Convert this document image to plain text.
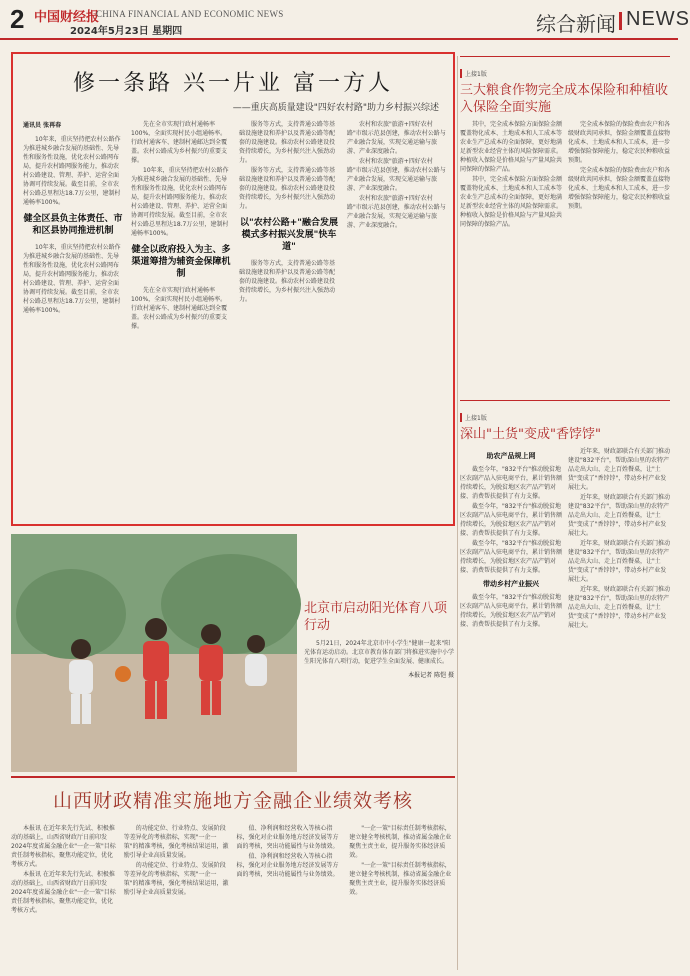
2 中国财经报
CHINA FINANCIAL AND ECONOMIC NEWS
2024年5月23日 星期四	综合新闻 NEWS
修一条路 兴一片业 富一方人
——重庆高质量建设"四好农村路"助力乡村振兴综述
通讯员 张再春

10年来，重庆坚持把农村公路作为推进城乡融合发展的基础性、先导性和服务性设施，优化农村公路网布局，提升农村路网服务能力，推动农村公路建设、管理、养护、运营全面协调可持续发展。截至目前，全市农村公路总里程达18.7万公里，建制村通畅率100%。

健全区县负主体责任、市和区县协同推进机制

10年来，重庆坚持把农村公路作为推进城乡融合发展的基础性、先导性和服务性设施，优化农村公路网布局，提升农村路网服务能力，推动农村公路建设、管理、养护、运营全面协调可持续发展。截至目前，全市农村公路总里程达18.7万公里，建制村通畅率100%。

先在全市实现行政村通畅率100%，全面实现村民小组通畅率。行政村通客车、建制村通邮达到全覆盖。农村公路成为乡村振兴的重要支撑。

10年来，重庆坚持把农村公路作为推进城乡融合发展的基础性、先导性和服务性设施，优化农村公路网布局，提升农村路网服务能力，推动农村公路建设、管理、养护、运营全面协调可持续发展。截至目前，全市农村公路总里程达18.7万公里，建制村通畅率100%。

健全以政府投入为主、多渠道筹措为辅资金保障机制

先在全市实现行政村通畅率100%，全面实现村民小组通畅率。行政村通客车、建制村通邮达到全覆盖。农村公路成为乡村振兴的重要支撑。

服务等方式，支持普通公路等基础设施建设和养护以及普通公路等配套的设施建设。推动农村公路建设投资持续增长，为乡村振兴注入强劲动力。

服务等方式，支持普通公路等基础设施建设和养护以及普通公路等配套的设施建设。推动农村公路建设投资持续增长，为乡村振兴注入强劲动力。

以"农村公路+"融合发展模式多村振兴发展"快车道"

服务等方式，支持普通公路等基础设施建设和养护以及普通公路等配套的设施建设。推动农村公路建设投资持续增长，为乡村振兴注入强劲动力。

农村和农旅"旅游+四好农村路"市级示范县创建，推动农村公路与产业融合发展，实现交通运输与旅游、产业深度融合。

农村和农旅"旅游+四好农村路"市级示范县创建，推动农村公路与产业融合发展，实现交通运输与旅游、产业深度融合。

农村和农旅"旅游+四好农村路"市级示范县创建，推动农村公路与产业融合发展，实现交通运输与旅游、产业深度融合。

北京市启动阳光体育八项行动

5月21日，2024年北京市中小学生"健康一起来"阳光体育运动启动。北京市教育体育部门将推进实施中小学生阳光体育八项行动，促进学生全面发展、健康成长。

本报记者 陈恺 摄
山西财政精准实施地方金融企业绩效考核

本报讯 在近年来先行先试、积极推动的基础上，山西省财政厅日前印发2024年度省属金融企业"一企一策"目标责任制考核指标，聚焦功能定位，优化考核方式。

本报讯 在近年来先行先试、积极推动的基础上，山西省财政厅日前印发2024年度省属金融企业"一企一策"目标责任制考核指标，聚焦功能定位，优化考核方式。

的功能定位、行业特点、发展阶段等差异化的考核指标，实现"一企一策"的精准考核，强化考核结果运用，激励引导企业高质量发展。

的功能定位、行业特点、发展阶段等差异化的考核指标，实现"一企一策"的精准考核，强化考核结果运用，激励引导企业高质量发展。

值、净利润和经营收入等核心指标，强化对企业服务地方经济发展等方面的考核，突出功能属性与业务绩效。

值、净利润和经营收入等核心指标，强化对企业服务地方经济发展等方面的考核，突出功能属性与业务绩效。

"一企一策"目标责任制考核指标，建立健全考核机制，推动省属金融企业聚焦主责主业，提升服务实体经济质效。

"一企一策"目标责任制考核指标，建立健全考核机制，推动省属金融企业聚焦主责主业，提升服务实体经济质效。

上接1版
三大粮食作物完全成本保险和种植收入保险全面实施

其中，完全成本保险方面保险金额覆盖物化成本、土地成本和人工成本等农业生产总成本的全面保障，更好地满足新型农业经营主体的风险保障需求。种植收入保险是价格风险与产量风险共同保障的保险产品。

其中，完全成本保险方面保险金额覆盖物化成本、土地成本和人工成本等农业生产总成本的全面保障，更好地满足新型农业经营主体的风险保障需求。种植收入保险是价格风险与产量风险共同保障的保险产品。

完全成本保险的保险费由农户和各级财政共同承担，保险金额覆盖直接物化成本、土地成本和人工成本，进一步增强保险保障能力，稳定农民种粮收益预期。

完全成本保险的保险费由农户和各级财政共同承担，保险金额覆盖直接物化成本、土地成本和人工成本，进一步增强保险保障能力，稳定农民种粮收益预期。

上接1版
深山"土货"变成"香饽饽"
助农产品规上网

截至今年，"832平台"推动脱贫地区农副产品入驻电商平台，累计销售额持续增长，为脱贫地区农产品产销对接、消费帮扶提供了有力支撑。

截至今年，"832平台"推动脱贫地区农副产品入驻电商平台，累计销售额持续增长，为脱贫地区农产品产销对接、消费帮扶提供了有力支撑。

截至今年，"832平台"推动脱贫地区农副产品入驻电商平台，累计销售额持续增长，为脱贫地区农产品产销对接、消费帮扶提供了有力支撑。

带动乡村产业振兴

截至今年，"832平台"推动脱贫地区农副产品入驻电商平台，累计销售额持续增长，为脱贫地区农产品产销对接、消费帮扶提供了有力支撑。

近年来，财政部联合有关部门推动建设"832平台"，帮助深山里的农特产品走出大山、走上百姓餐桌，让"土货"变成了"香饽饽"，带动乡村产业发展壮大。

近年来，财政部联合有关部门推动建设"832平台"，帮助深山里的农特产品走出大山、走上百姓餐桌，让"土货"变成了"香饽饽"，带动乡村产业发展壮大。

近年来，财政部联合有关部门推动建设"832平台"，帮助深山里的农特产品走出大山、走上百姓餐桌，让"土货"变成了"香饽饽"，带动乡村产业发展壮大。

近年来，财政部联合有关部门推动建设"832平台"，帮助深山里的农特产品走出大山、走上百姓餐桌，让"土货"变成了"香饽饽"，带动乡村产业发展壮大。
